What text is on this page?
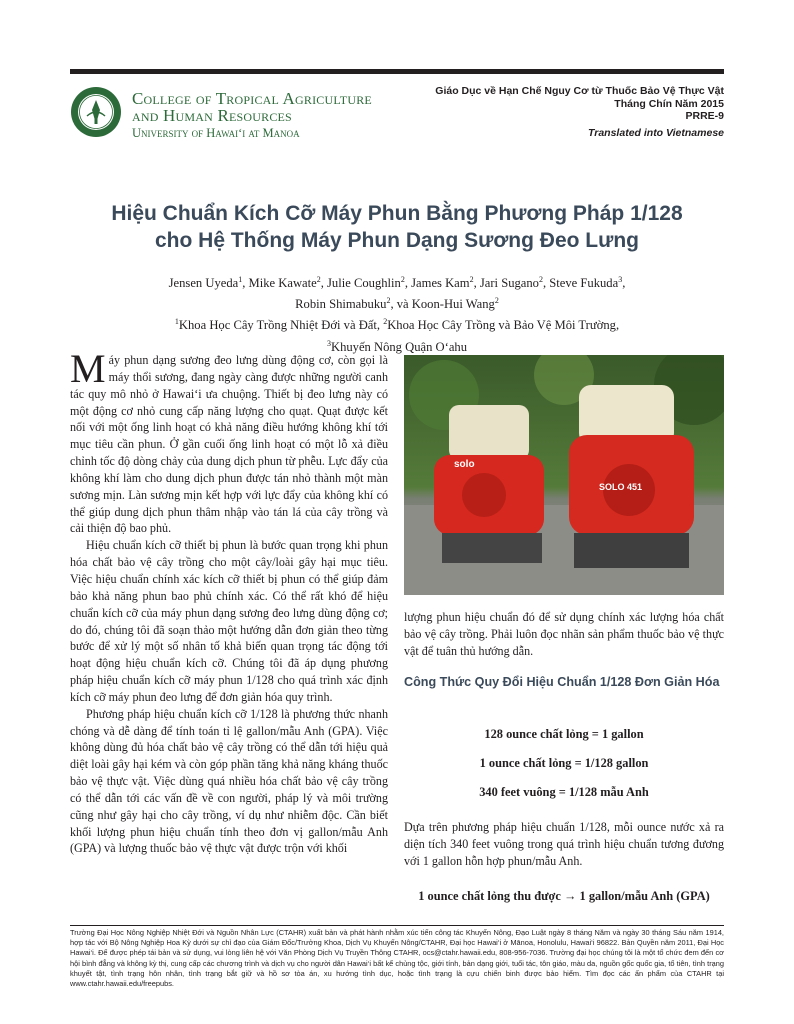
College of Tropical Agriculture
and Human Resources
University of Hawai‘i at Manoa
Giáo Dục về Hạn Chế Nguy Cơ từ Thuốc Bảo Vệ Thực Vật
Tháng Chín Năm 2015
PRRE-9
Translated into Vietnamese
Hiệu Chuẩn Kích Cỡ Máy Phun Bằng Phương Pháp 1/128
cho Hệ Thống Máy Phun Dạng Sương Đeo Lưng
Jensen Uyeda$^1$, Mike Kawate$^2$, Julie Coughlin$^2$, James Kam$^2$, Jari Sugano$^2$, Steve Fukuda$^3$,
Robin Shimabuku$^2$, và Koon-Hui Wang$^2$
$^1$Khoa Học Cây Trồng Nhiệt Đới và Đất, $^2$Khoa Học Cây Trồng và Bảo Vệ Môi Trường,
$^3$Khuyến Nông Quận O‘ahu

Máy phun dạng sương đeo lưng dùng động cơ, còn gọi là máy thổi sương, đang ngày càng được những người canh tác quy mô nhỏ ở Hawai‘i ưa chuộng. Thiết bị đeo lưng này có một động cơ nhỏ cung cấp năng lượng cho quạt. Quạt được kết nối với một ống linh hoạt có khả năng điều hướng không khí tới mục tiêu cần phun. Ở gần cuối ống linh hoạt có một lỗ xả điều chỉnh tốc độ dòng chảy của dung dịch phun từ phễu. Lực đẩy của không khí làm cho dung dịch phun được tán nhỏ thành một màn sương mịn. Làn sương mịn kết hợp với lực đẩy của không khí có thể giúp dung dịch phun thâm nhập vào tán lá của cây trồng và cải thiện độ bao phủ.

Hiệu chuẩn kích cỡ thiết bị phun là bước quan trọng khi phun hóa chất bảo vệ cây trồng cho một cây/loài gây hại mục tiêu. Việc hiệu chuẩn chính xác kích cỡ thiết bị phun có thể giúp đảm bảo khả năng phun bao phủ chính xác. Có thể rất khó để hiệu chuẩn kích cỡ của máy phun dạng sương đeo lưng dùng động cơ; do đó, chúng tôi đã soạn thảo một hướng dẫn đơn giản theo từng bước để xử lý một số nhân tố khả biến quan trọng tác động tới hoạt động hiệu chuẩn kích cỡ. Chúng tôi đã áp dụng phương pháp hiệu chuẩn kích cỡ máy phun 1/128 cho quá trình xác định kích cỡ máy phun đeo lưng để đơn giản hóa quy trình.

Phương pháp hiệu chuẩn kích cỡ 1/128 là phương thức nhanh chóng và dễ dàng để tính toán tỉ lệ gallon/mẫu Anh (GPA). Việc không dùng đủ hóa chất bảo vệ cây trồng có thể dẫn tới hiệu quả diệt loài gây hại kém và còn góp phần tăng khả năng kháng thuốc bảo vệ thực vật. Việc dùng quá nhiều hóa chất bảo vệ cây trồng có thể dẫn tới các vấn đề về con người, pháp lý và môi trường cũng như gây hại cho cây trồng, ví dụ như nhiễm độc. Cần biết khối lượng phun hiệu chuẩn tính theo đơn vị gallon/mẫu Anh (GPA) và lượng thuốc bảo vệ thực vật được trộn với khối

solo
SOLO 451
lượng phun hiệu chuẩn đó để sử dụng chính xác lượng hóa chất bảo vệ cây trồng. Phải luôn đọc nhãn sản phẩm thuốc bảo vệ thực vật để tuân thủ hướng dẫn.
Công Thức Quy Đổi Hiệu Chuẩn 1/128 Đơn Giản Hóa
128 ounce chất lỏng = 1 gallon
1 ounce chất lỏng = 1/128 gallon
340 feet vuông = 1/128 mẫu Anh
Dựa trên phương pháp hiệu chuẩn 1/128, mỗi ounce nước xả ra diện tích 340 feet vuông trong quá trình hiệu chuẩn tương đương với 1 gallon hỗn hợp phun/mẫu Anh.
1 ounce chất lỏng thu được → 1 gallon/mẫu Anh (GPA)
Trường Đại Học Nông Nghiệp Nhiệt Đới và Nguồn Nhân Lực (CTAHR) xuất bản và phát hành nhằm xúc tiến công tác Khuyến Nông, Đạo Luật ngày 8 tháng Năm và ngày 30 tháng Sáu năm 1914, hợp tác với Bộ Nông Nghiệp Hoa Kỳ dưới sự chỉ đạo của Giám Đốc/Trưởng Khoa, Dịch Vụ Khuyến Nông/CTAHR, Đại học Hawai‘i ở Mānoa, Honolulu, Hawai‘i 96822. Bản Quyền năm 2011, Đại Học Hawai‘i. Để được phép tái bản và sử dụng, vui lòng liên hệ với Văn Phòng Dịch Vụ Truyền Thông CTAHR, ocs@ctahr.hawaii.edu, 808-956-7036. Trường đại học chúng tôi là một tổ chức đem đến cơ hội bình đẳng và không kỳ thị, cung cấp các chương trình và dịch vụ cho người dân Hawai‘i bất kể chủng tộc, giới tính, bản dạng giới, tuổi tác, tôn giáo, màu da, nguồn gốc quốc gia, tổ tiên, tình trạng khuyết tật, tình trạng hôn nhân, tình trạng bắt giữ và hồ sơ tòa án, xu hướng tình dục, hoặc tình trạng là cựu chiến binh được bảo hiểm. Tìm đọc các ấn phẩm của CTAHR tại www.ctahr.hawaii.edu/freepubs.
